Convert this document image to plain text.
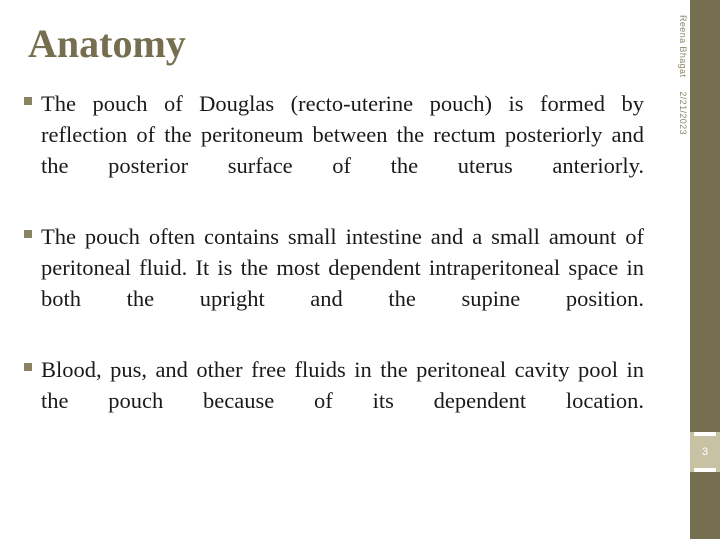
Reena Bhagat2/21/2023
3
Anatomy
The pouch of Douglas (recto-uterine pouch) is formed by reflection of the peritoneum between the rectum posteriorly and the posterior surface of the uterus anteriorly.
The pouch often contains small intestine and a small amount of peritoneal fluid. It is the most dependent intraperitoneal space in both the upright and the supine position.
Blood, pus, and other free fluids in the peritoneal cavity pool in the pouch because of its dependent location.
